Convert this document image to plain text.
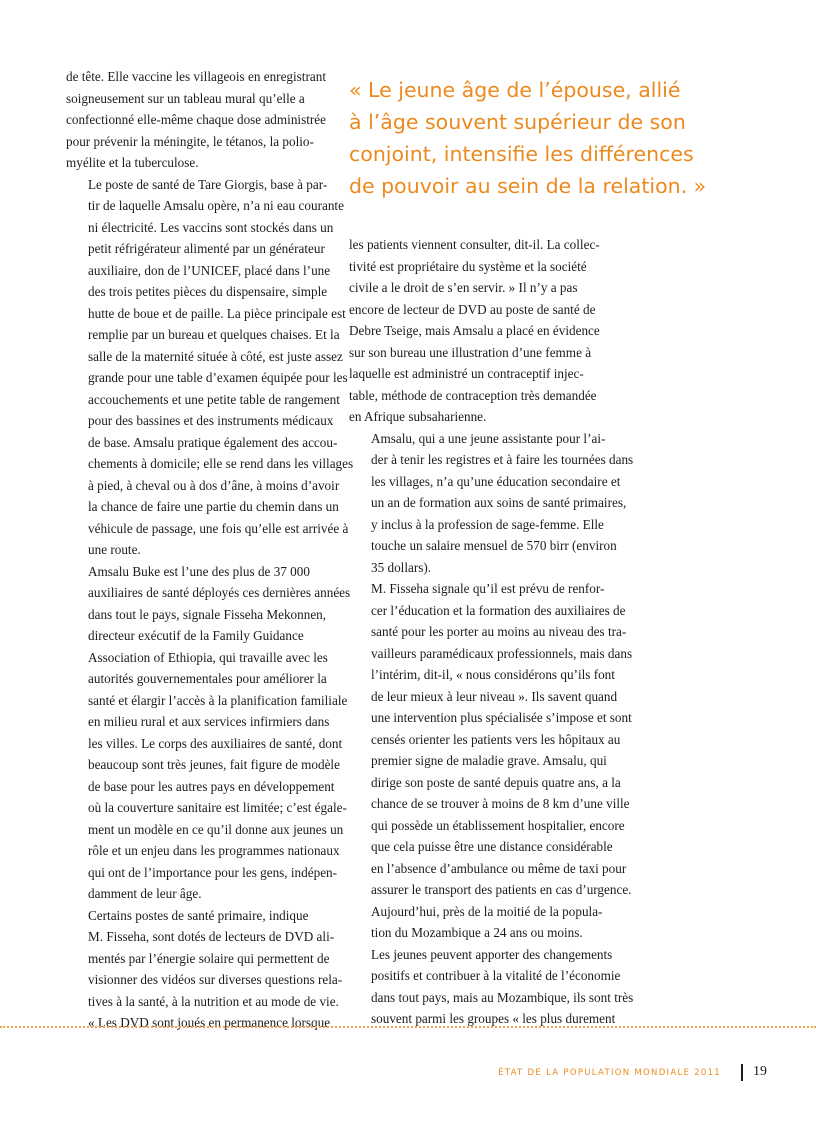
de tête. Elle vaccine les villageois en enregistrant
soigneusement sur un tableau mural qu’elle a
confectionné elle-même chaque dose administrée
pour prévenir la méningite, le tétanos, la polio-
myélite et la tuberculose.

Le poste de santé de Tare Giorgis, base à par-
tir de laquelle Amsalu opère, n’a ni eau courante
ni électricité. Les vaccins sont stockés dans un
petit réfrigérateur alimenté par un générateur
auxiliaire, don de l’UNICEF, placé dans l’une
des trois petites pièces du dispensaire, simple
hutte de boue et de paille. La pièce principale est
remplie par un bureau et quelques chaises. Et la
salle de la maternité située à côté, est juste assez
grande pour une table d’examen équipée pour les
accouchements et une petite table de rangement
pour des bassines et des instruments médicaux
de base. Amsalu pratique également des accou-
chements à domicile; elle se rend dans les villages
à pied, à cheval ou à dos d’âne, à moins d’avoir
la chance de faire une partie du chemin dans un
véhicule de passage, une fois qu’elle est arrivée à
une route.

Amsalu Buke est l’une des plus de 37 000
auxiliaires de santé déployés ces dernières années
dans tout le pays, signale Fisseha Mekonnen,
directeur exécutif de la Family Guidance
Association of Ethiopia, qui travaille avec les
autorités gouvernementales pour améliorer la
santé et élargir l’accès à la planification familiale
en milieu rural et aux services infirmiers dans
les villes. Le corps des auxiliaires de santé, dont
beaucoup sont très jeunes, fait figure de modèle
de base pour les autres pays en développement
où la couverture sanitaire est limitée; c’est égale-
ment un modèle en ce qu’il donne aux jeunes un
rôle et un enjeu dans les programmes nationaux
qui ont de l’importance pour les gens, indépen-
damment de leur âge.

Certains postes de santé primaire, indique
M. Fisseha, sont dotés de lecteurs de DVD ali-
mentés par l’énergie solaire qui permettent de
visionner des vidéos sur diverses questions rela-
tives à la santé, à la nutrition et au mode de vie.
« Les DVD sont joués en permanence lorsque

« Le jeune âge de l’épouse, allié
à l’âge souvent supérieur de son
conjoint, intensifie les différences
de pouvoir au sein de la relation. »

les patients viennent consulter, dit-il. La collec-
tivité est propriétaire du système et la société
civile a le droit de s’en servir. » Il n’y a pas
encore de lecteur de DVD au poste de santé de
Debre Tseige, mais Amsalu a placé en évidence
sur son bureau une illustration d’une femme à
laquelle est administré un contraceptif injec-
table, méthode de contraception très demandée
en Afrique subsaharienne.

Amsalu, qui a une jeune assistante pour l’ai-
der à tenir les registres et à faire les tournées dans
les villages, n’a qu’une éducation secondaire et
un an de formation aux soins de santé primaires,
y inclus à la profession de sage-femme. Elle
touche un salaire mensuel de 570 birr (environ
35 dollars).

M. Fisseha signale qu’il est prévu de renfor-
cer l’éducation et la formation des auxiliaires de
santé pour les porter au moins au niveau des tra-
vailleurs paramédicaux professionnels, mais dans
l’intérim, dit-il, « nous considérons qu’ils font
de leur mieux à leur niveau ». Ils savent quand
une intervention plus spécialisée s’impose et sont
censés orienter les patients vers les hôpitaux au
premier signe de maladie grave. Amsalu, qui
dirige son poste de santé depuis quatre ans, a la
chance de se trouver à moins de 8 km d’une ville
qui possède un établissement hospitalier, encore
que cela puisse être une distance considérable
en l’absence d’ambulance ou même de taxi pour
assurer le transport des patients en cas d’urgence.

Aujourd’hui, près de la moitié de la popula-
tion du Mozambique a 24 ans ou moins.

Les jeunes peuvent apporter des changements
positifs et contribuer à la vitalité de l’économie
dans tout pays, mais au Mozambique, ils sont très
souvent parmi les groupes « les plus durement

ÉTAT DE LA POPULATION MONDIALE 2011 19
